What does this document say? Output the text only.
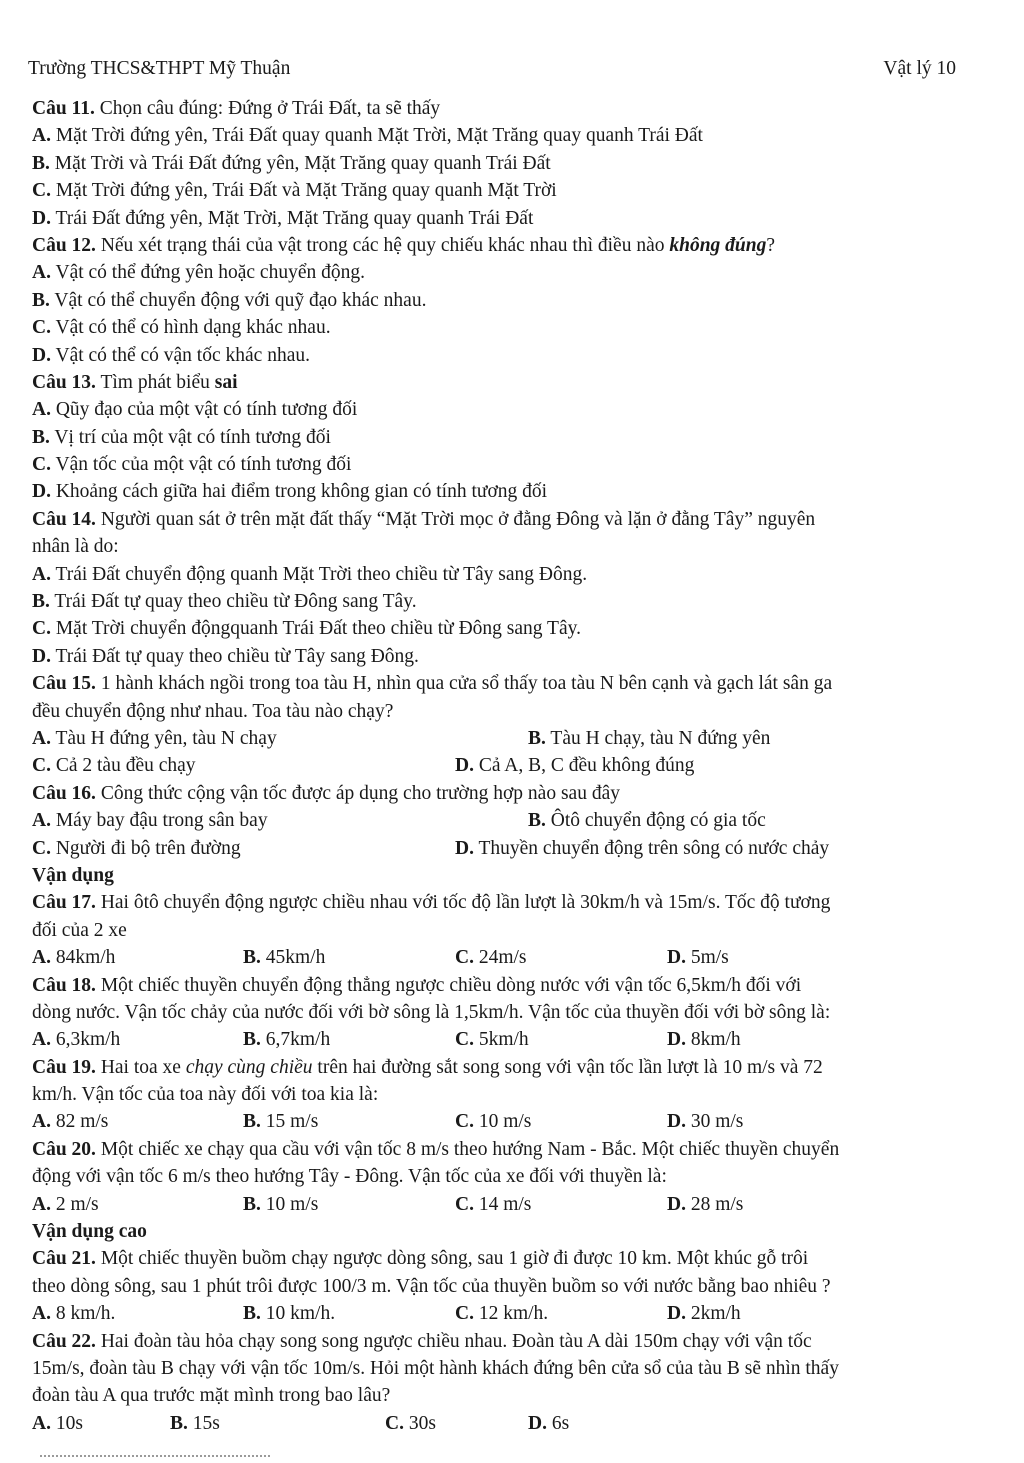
Trường THCS&THPT Mỹ Thuận	Vật lý 10
Câu 11. Chọn câu đúng: Đứng ở Trái Đất, ta sẽ thấy
A. Mặt Trời đứng yên, Trái Đất quay quanh Mặt Trời, Mặt Trăng quay quanh Trái Đất
B. Mặt Trời và Trái Đất đứng yên, Mặt Trăng quay quanh Trái Đất
C. Mặt Trời đứng yên, Trái Đất và Mặt Trăng quay quanh Mặt Trời
D. Trái Đất đứng yên, Mặt Trời, Mặt Trăng quay quanh Trái Đất
Câu 12. Nếu xét trạng thái của vật trong các hệ quy chiếu khác nhau thì điều nào không đúng?
A. Vật có thể đứng yên hoặc chuyển động.
B. Vật có thể chuyển động với quỹ đạo khác nhau.
C. Vật có thể có hình dạng khác nhau.
D. Vật có thể có vận tốc khác nhau.
Câu 13. Tìm phát biểu sai
A. Qũy đạo của một vật có tính tương đối
B. Vị trí của một vật có tính tương đối
C. Vận tốc của một vật có tính tương đối
D. Khoảng cách giữa hai điểm trong không gian có tính tương đối
Câu 14. Người quan sát ở trên mặt đất thấy “Mặt Trời mọc ở đằng Đông và lặn ở đằng Tây” nguyên
nhân là do:
A. Trái Đất chuyển động quanh Mặt Trời theo chiều từ Tây sang Đông.
B. Trái Đất tự quay theo chiều từ Đông sang Tây.
C. Mặt Trời chuyển độngquanh Trái Đất theo chiều từ Đông sang Tây.
D. Trái Đất tự quay theo chiều từ Tây sang Đông.
Câu 15. 1 hành khách ngồi trong toa tàu H, nhìn qua cửa sổ thấy toa tàu N bên cạnh và gạch lát sân ga
đều chuyển động như nhau. Toa tàu nào chạy?
A. Tàu H đứng yên, tàu N chạy	B. Tàu H chạy, tàu N đứng yên
C. Cả 2 tàu đều chạy	D. Cả A, B, C đều không đúng
Câu 16. Công thức cộng vận tốc được áp dụng cho trường hợp nào sau đây
A. Máy bay đậu trong sân bay	B. Ôtô chuyển động có gia tốc
C. Người đi bộ trên đường	D. Thuyền chuyển động trên sông có nước chảy
Vận dụng
Câu 17. Hai ôtô chuyển động ngược chiều nhau với tốc độ lần lượt là 30km/h và 15m/s. Tốc độ tương
đối của 2 xe
A. 84km/h	B. 45km/h	C. 24m/s	D. 5m/s
Câu 18. Một chiếc thuyền chuyển động thẳng ngược chiều dòng nước với vận tốc 6,5km/h đối với
dòng nước. Vận tốc chảy của nước đối với bờ sông là 1,5km/h. Vận tốc của thuyền đối với bờ sông là:
A. 6,3km/h	B. 6,7km/h	C. 5km/h	D. 8km/h
Câu 19. Hai toa xe chạy cùng chiều trên hai đường sắt song song với vận tốc lần lượt là 10 m/s và 72
km/h. Vận tốc của toa này đối với toa kia là:
A. 82 m/s	B. 15 m/s	C. 10 m/s	D. 30 m/s
Câu 20. Một chiếc xe chạy qua cầu với vận tốc 8 m/s theo hướng Nam - Bắc. Một chiếc thuyền chuyển
động với vận tốc 6 m/s theo hướng Tây - Đông. Vận tốc của xe đối với thuyền là:
A. 2 m/s	B. 10 m/s	C. 14 m/s	D. 28 m/s
Vận dụng cao
Câu 21. Một chiếc thuyền buồm chạy ngược dòng sông, sau 1 giờ đi được 10 km. Một khúc gỗ trôi
theo dòng sông, sau 1 phút trôi được 100/3 m. Vận tốc của thuyền buồm so với nước bằng bao nhiêu ?
A. 8 km/h.	B. 10 km/h.	C. 12 km/h.	D. 2km/h
Câu 22. Hai đoàn tàu hỏa chạy song song ngược chiều nhau. Đoàn tàu A dài 150m chạy với vận tốc
15m/s, đoàn tàu B chạy với vận tốc 10m/s. Hỏi một hành khách đứng bên cửa sổ của tàu B sẽ nhìn thấy
đoàn tàu A qua trước mặt mình trong bao lâu?
A. 10s	B. 15s	C. 30s	D. 6s
